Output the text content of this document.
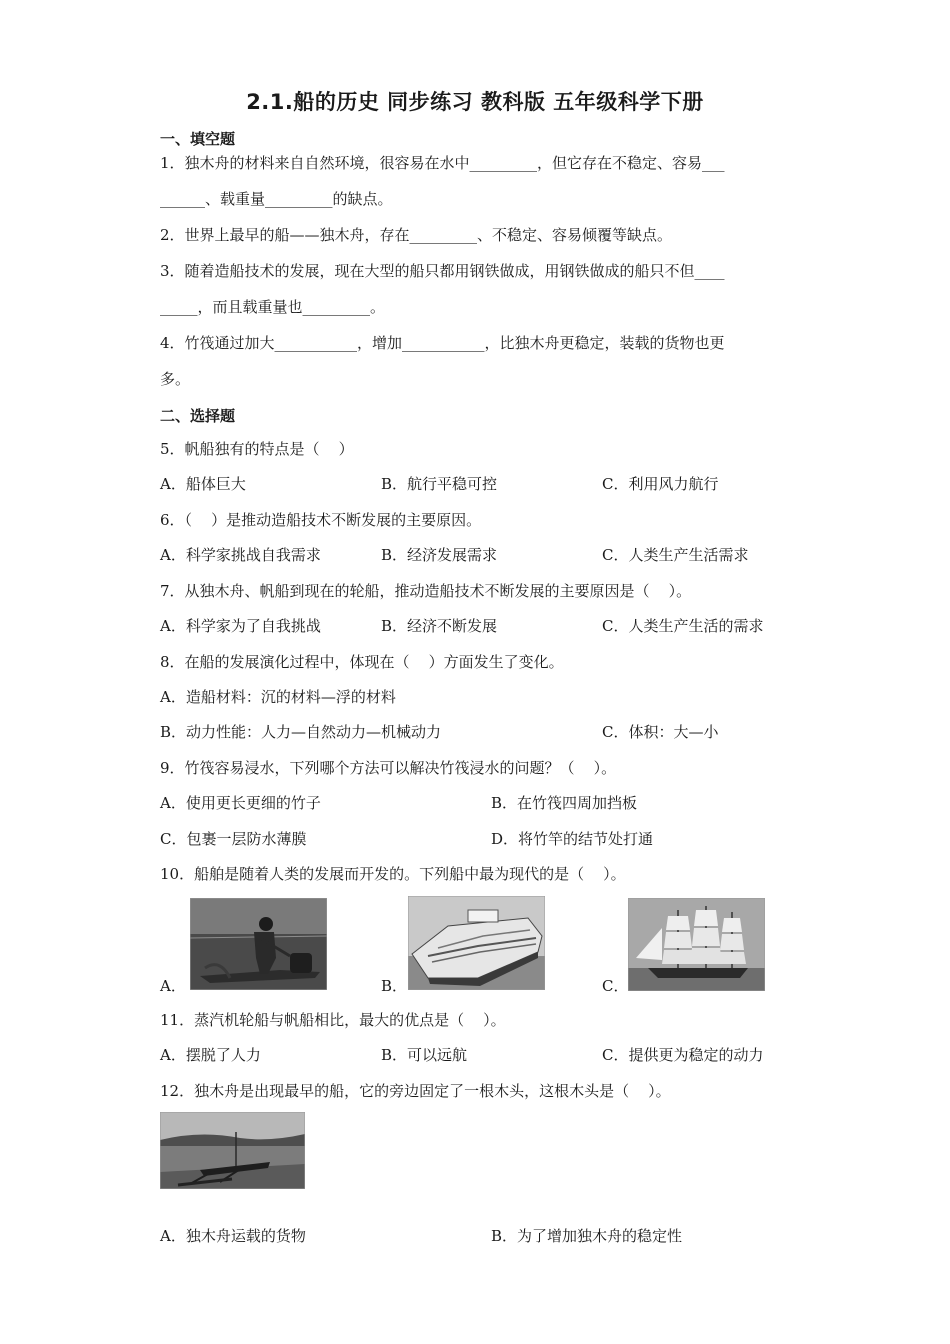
2.1.船的历史 同步练习 教科版 五年级科学下册
一、填空题
1．独木舟的材料来自自然环境，很容易在水中_________，但它存在不稳定、容易___
______、载重量_________的缺点。
2．世界上最早的船——独木舟，存在_________、不稳定、容易倾覆等缺点。
3．随着造船技术的发展，现在大型的船只都用钢铁做成，用钢铁做成的船只不但____
_____，而且载重量也_________。
4．竹筏通过加大___________，增加___________，比独木舟更稳定，装载的货物也更
多。
二、选择题
5．帆船独有的特点是（    ）
A．船体巨大	B．航行平稳可控	C．利用风力航行
6．（    ）是推动造船技术不断发展的主要原因。
A．科学家挑战自我需求	B．经济发展需求	C．人类生产生活需求
7．从独木舟、帆船到现在的轮船，推动造船技术不断发展的主要原因是（    ）。
A．科学家为了自我挑战	B．经济不断发展	C．人类生产生活的需求
8．在船的发展演化过程中，体现在（    ）方面发生了变化。
A．造船材料：沉的材料—浮的材料
B．动力性能：人力—自然动力—机械动力	C．体积：大—小
9．竹筏容易浸水，下列哪个方法可以解决竹筏浸水的问题？（    ）。
A．使用更长更细的竹子	B．在竹筏四周加挡板
C．包裹一层防水薄膜	D．将竹竿的结节处打通
10．船舶是随着人类的发展而开发的。下列船中最为现代的是（    ）。
A．	B．	C．
11．蒸汽机轮船与帆船相比，最大的优点是（    ）。
A．摆脱了人力	B．可以远航	C．提供更为稳定的动力
12．独木舟是出现最早的船，它的旁边固定了一根木头，这根木头是（    ）。
A．独木舟运载的货物	B．为了增加独木舟的稳定性
